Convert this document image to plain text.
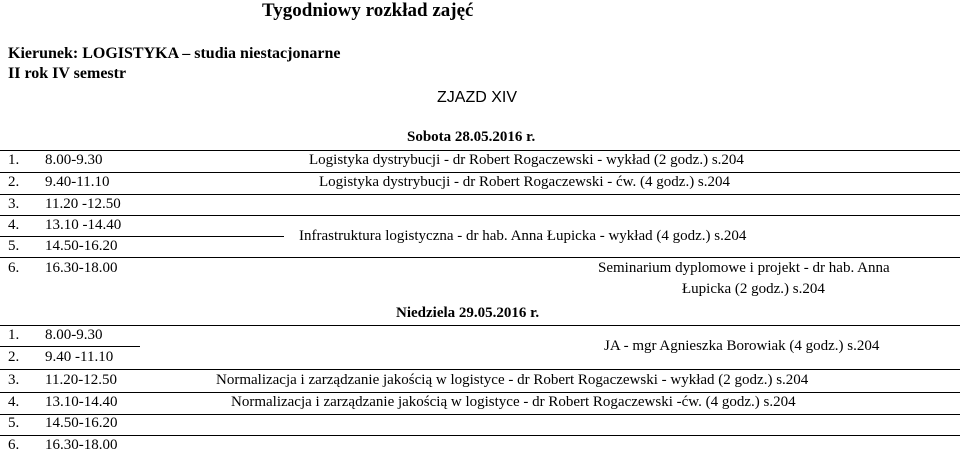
Tygodniowy rozkład zajęć
Kierunek: LOGISTYKA – studia niestacjonarne
II rok IV semestr
ZJAZD XIV
Sobota 28.05.2016 r.
1. 8.00-9.30	Logistyka dystrybucji - dr Robert Rogaczewski - wykład (2 godz.) s.204
2. 9.40-11.10	Logistyka dystrybucji - dr Robert Rogaczewski - ćw. (4 godz.) s.204
3. 11.20 -12.50
4. 13.10 -14.40
5. 14.50-16.20
Infrastruktura logistyczna - dr hab. Anna Łupicka - wykład (4 godz.) s.204
6. 16.30-18.00	Seminarium dyplomowe i projekt - dr hab. Anna
Łupicka (2 godz.) s.204
Niedziela 29.05.2016 r.
1. 8.00-9.30
2. 9.40 -11.10
JA - mgr Agnieszka Borowiak (4 godz.) s.204
3. 11.20-12.50	Normalizacja i zarządzanie jakością w logistyce - dr Robert Rogaczewski - wykład (2 godz.) s.204
4. 13.10-14.40	Normalizacja i zarządzanie jakością w logistyce - dr Robert Rogaczewski -ćw. (4 godz.) s.204
5. 14.50-16.20
6. 16.30-18.00
